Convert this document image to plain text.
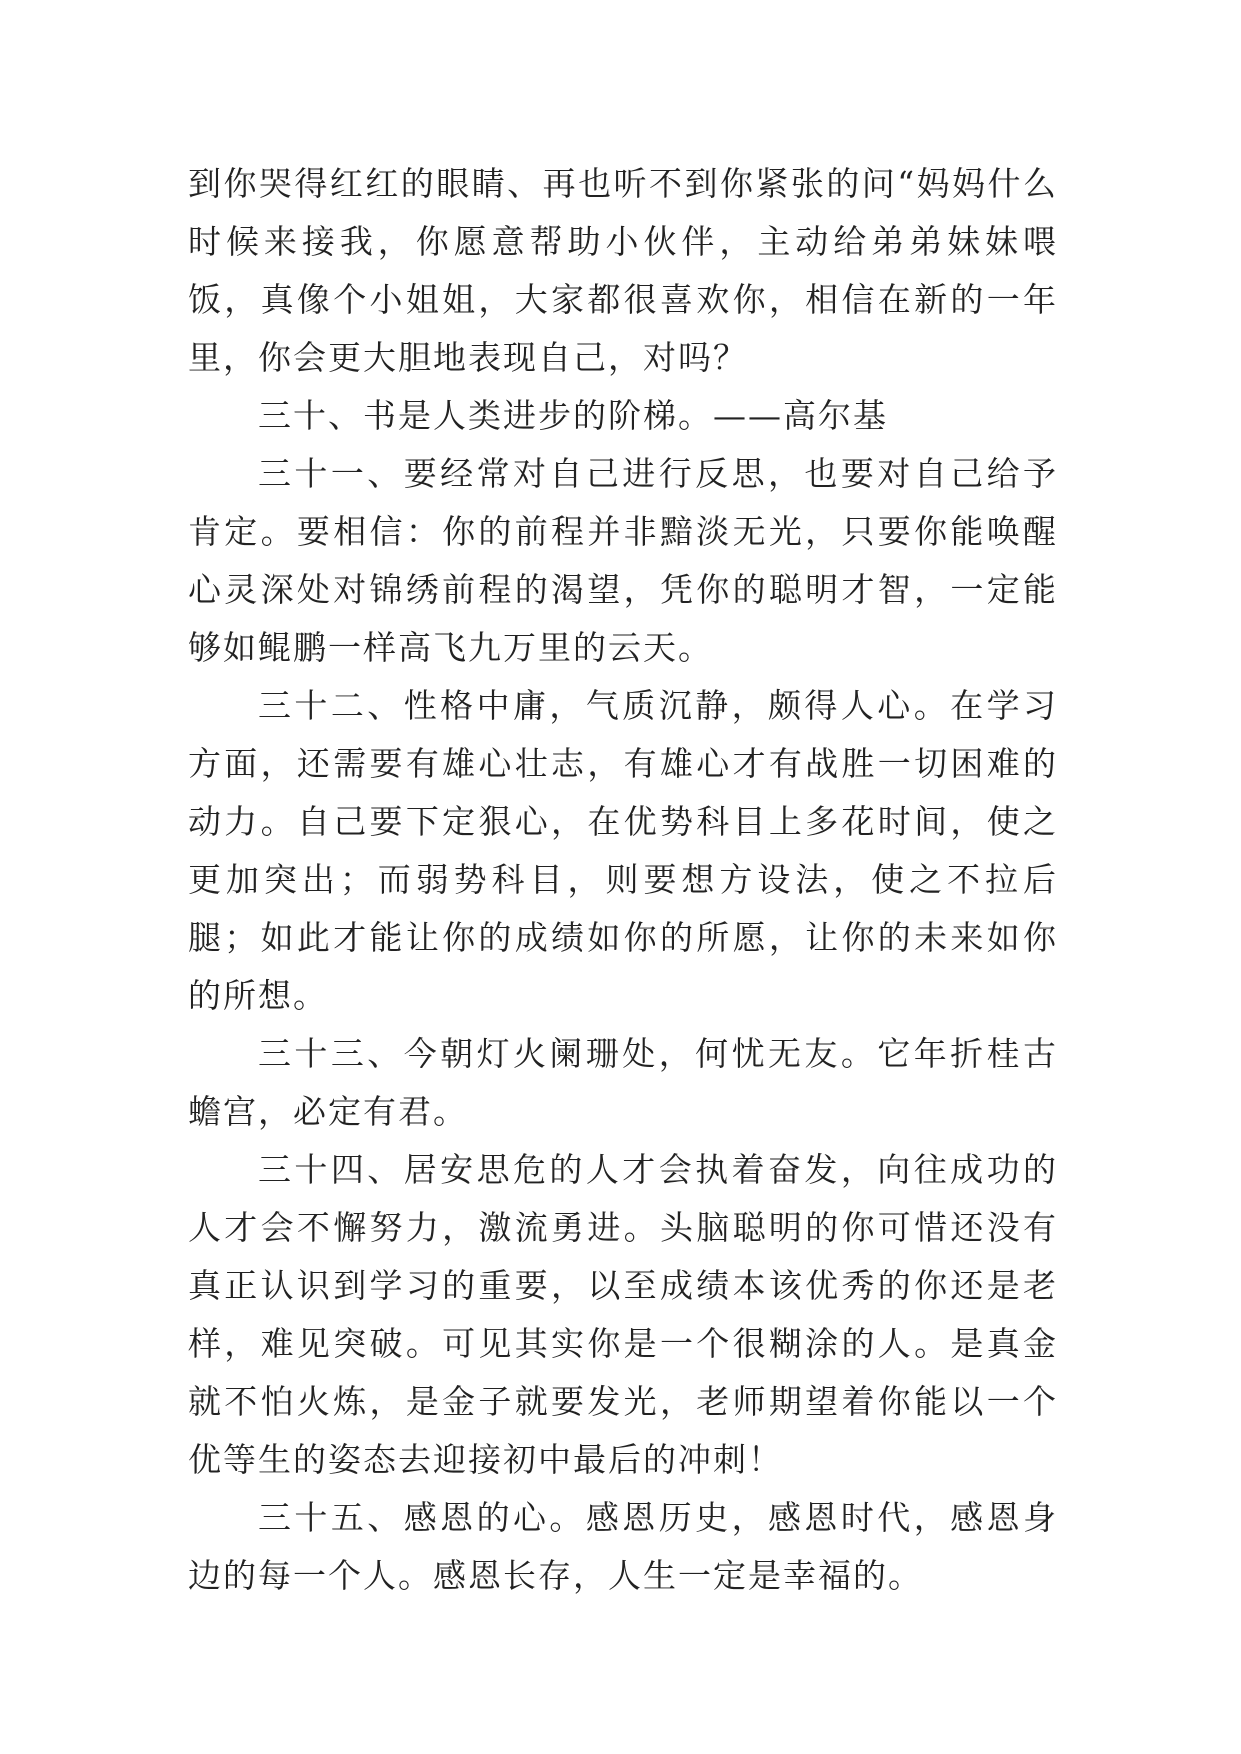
到你哭得红红的眼睛、再也听不到你紧张的问“妈妈什么时候来接我，你愿意帮助小伙伴，主动给弟弟妹妹喂饭，真像个小姐姐，大家都很喜欢你，相信在新的一年里，你会更大胆地表现自己，对吗？

三十、书是人类进步的阶梯。——高尔基

三十一、要经常对自己进行反思，也要对自己给予肯定。要相信：你的前程并非黯淡无光，只要你能唤醒心灵深处对锦绣前程的渴望，凭你的聪明才智，一定能够如鲲鹏一样高飞九万里的云天。

三十二、性格中庸，气质沉静，颇得人心。在学习方面，还需要有雄心壮志，有雄心才有战胜一切困难的动力。自己要下定狠心，在优势科目上多花时间，使之更加突出；而弱势科目，则要想方设法，使之不拉后腿；如此才能让你的成绩如你的所愿，让你的未来如你的所想。

三十三、今朝灯火阑珊处，何忧无友。它年折桂古蟾宫，必定有君。

三十四、居安思危的人才会执着奋发，向往成功的人才会不懈努力，激流勇进。头脑聪明的你可惜还没有真正认识到学习的重要，以至成绩本该优秀的你还是老样，难见突破。可见其实你是一个很糊涂的人。是真金就不怕火炼，是金子就要发光，老师期望着你能以一个优等生的姿态去迎接初中最后的冲刺！

三十五、感恩的心。感恩历史，感恩时代，感恩身边的每一个人。感恩长存，人生一定是幸福的。
